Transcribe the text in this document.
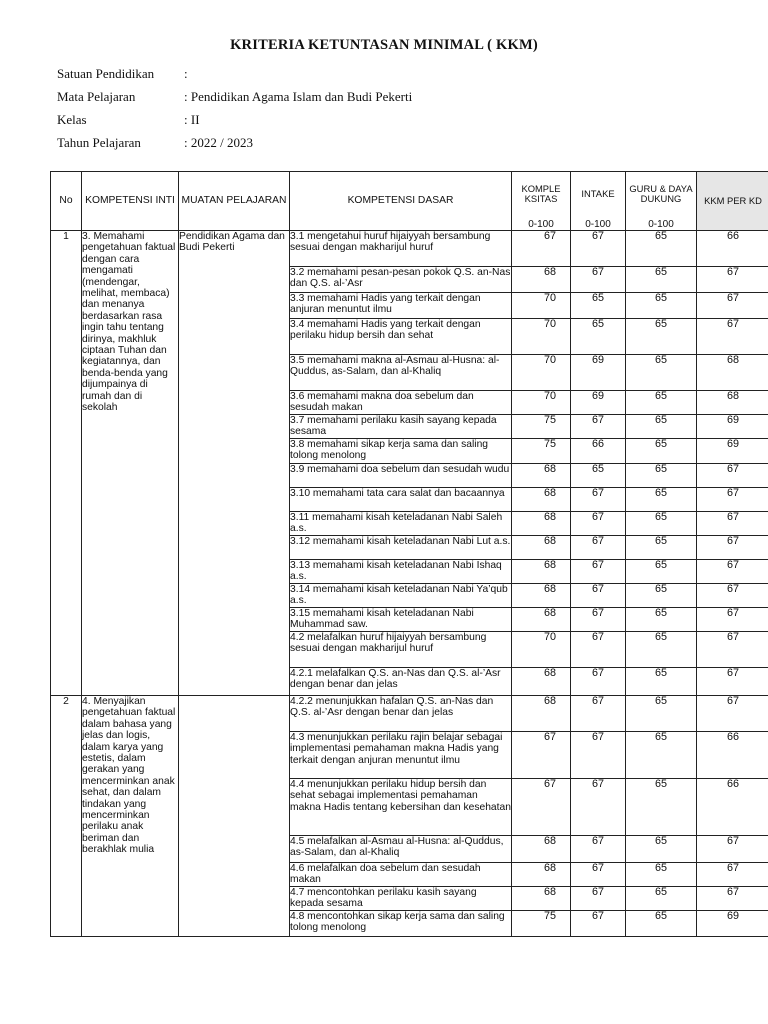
KRITERIA KETUNTASAN MINIMAL ( KKM)
Satuan Pendidikan :
Mata Pelajaran	: Pendidikan Agama Islam dan Budi Pekerti
Kelas	: II
Tahun Pelajaran	: 2022 / 2023
No	KOMPETENSI INTI	MUATAN PELAJARAN	KOMPETENSI DASAR	KOMPLE KSITAS	INTAKE	GURU & DAYA DUKUNG	KKM PER KD
				0-100	0-100	0-100	
1	3. Memahami pengetahuan faktual dengan cara mengamati (mendengar, melihat, membaca) dan menanya berdasarkan rasa ingin tahu tentang dirinya, makhluk ciptaan Tuhan dan kegiatannya, dan benda-benda yang dijumpainya di rumah dan di sekolah	Pendidikan Agama dan Budi Pekerti	3.1 mengetahui huruf hijaiyyah bersambung sesuai dengan makharijul huruf	67	67	65	66
			3.2 memahami pesan-pesan pokok Q.S. an-Nas dan Q.S. al-’Asr	68	67	65	67
			3.3 memahami Hadis yang terkait dengan anjuran menuntut ilmu	70	65	65	67
			3.4 memahami Hadis yang terkait dengan perilaku hidup bersih dan sehat	70	65	65	67
			3.5 memahami makna al-Asmau al-Husna: al-Quddus, as-Salam, dan al-Khaliq	70	69	65	68
			3.6 memahami makna doa sebelum dan sesudah makan	70	69	65	68
			3.7 memahami perilaku kasih sayang kepada sesama	75	67	65	69
			3.8 memahami sikap kerja sama dan saling tolong menolong	75	66	65	69
			3.9 memahami doa sebelum dan sesudah wudu	68	65	65	67
			3.10 memahami tata cara salat dan bacaannya	68	67	65	67
			3.11 memahami kisah keteladanan Nabi Saleh a.s.	68	67	65	67
			3.12 memahami kisah keteladanan Nabi Lut a.s.	68	67	65	67
			3.13 memahami kisah keteladanan Nabi Ishaq a.s.	68	67	65	67
			3.14 memahami kisah keteladanan Nabi Ya’qub a.s.	68	67	65	67
			3.15 memahami kisah keteladanan Nabi Muhammad saw.	68	67	65	67
			4.2 melafalkan huruf hijaiyyah bersambung sesuai dengan makharijul huruf	70	67	65	67
			4.2.1 melafalkan Q.S. an-Nas dan Q.S. al-’Asr dengan benar dan jelas	68	67	65	67
2	4. Menyajikan pengetahuan faktual dalam bahasa yang jelas dan logis, dalam karya yang estetis, dalam gerakan yang mencerminkan anak sehat, dan dalam tindakan yang mencerminkan perilaku anak beriman dan berakhlak mulia		4.2.2 menunjukkan hafalan Q.S. an-Nas dan Q.S. al-’Asr dengan benar dan jelas	68	67	65	67
			4.3 menunjukkan perilaku rajin belajar sebagai implementasi pemahaman makna Hadis yang terkait dengan anjuran menuntut ilmu	67	67	65	66
			4.4 menunjukkan perilaku hidup bersih dan sehat sebagai implementasi pemahaman makna Hadis tentang kebersihan dan kesehatan	67	67	65	66
			4.5 melafalkan al-Asmau al-Husna: al-Quddus, as-Salam, dan al-Khaliq	68	67	65	67
			4.6 melafalkan doa sebelum dan sesudah makan	68	67	65	67
			4.7 mencontohkan perilaku kasih sayang kepada sesama	68	67	65	67
			4.8 mencontohkan sikap kerja sama dan saling tolong menolong	75	67	65	69
